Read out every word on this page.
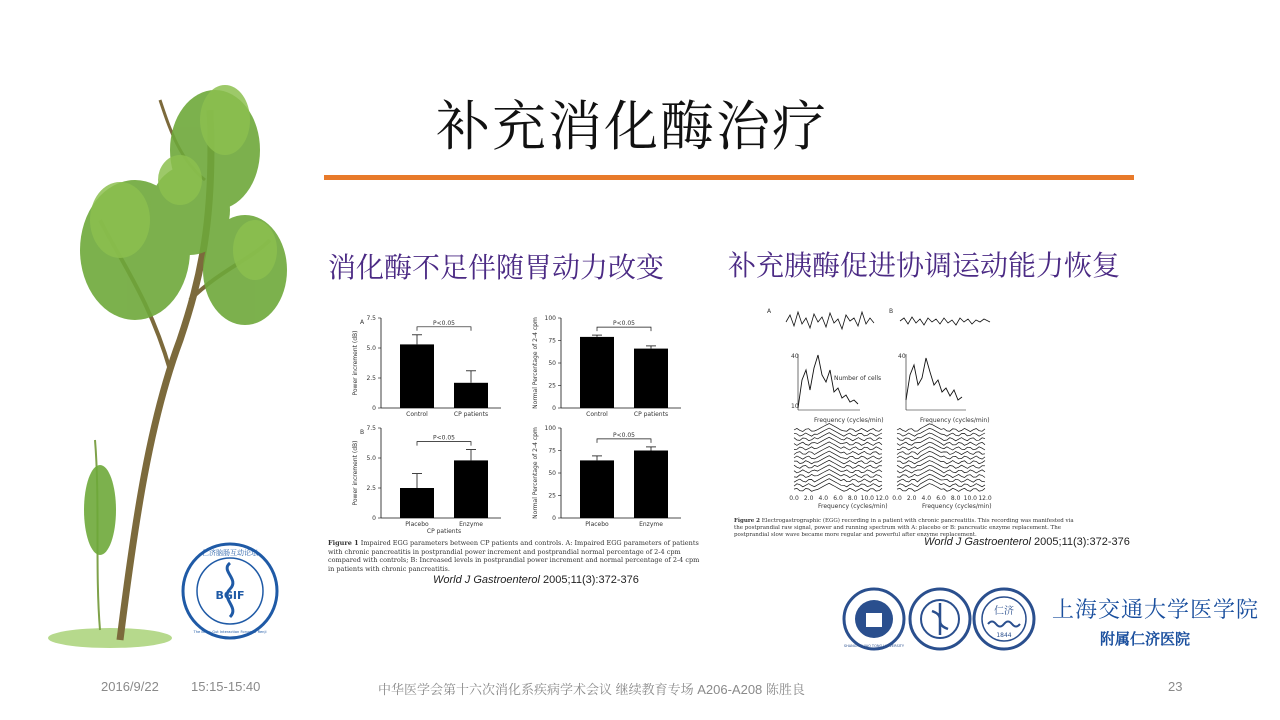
补充消化酶治疗
消化酶不足伴随胃动力改变 补充胰酶促进协调运动能力恢复
0
2.5
5.0
7.5
Power increment (dB)
Control	CP patients
P<0.05
0
25
50
75
100
Normal Percentage of 2-4 cpm
Control	CP patients
P<0.05
0
2.5
5.0
7.5
Power increment (dB)
Placebo	Enzyme
P<0.05
CP patients
0
25
50
75
100
Normal Percentage of 2-4 cpm
Placebo	Enzyme
P<0.05
A
B
Figure 1 Impaired EGG parameters between CP patients and controls. A: Impaired EGG parameters of patients with chronic pancreatitis in postprandial power increment and postprandial normal percentage of 2-4 cpm compared with controls; B: Increased levels in postprandial power increment and normal percentage of 2-4 cpm in patients with chronic pancreatitis.
World J Gastroenterol 2005;11(3):372-376
A	B
40
10
Number of cells
Frequency (cycles/min)
40
Frequency (cycles/min)
0.0 2.0 4.0 6.0 8.0 10.0 12.0 0.0 2.0 4.0 6.0 8.0 10.0 12.0
Frequency (cycles/min)	Frequency (cycles/min)
Figure 2 Electrogastrographic (EGG) recording in a patient with chronic pancreatitis. This recording was manifested via the postprandial raw signal, power and running spectrum with A: placebo or B: pancreatic enzyme replacement. The postprandial slow wave became more regular and powerful after enzyme replacement.
World J Gastroenterol 2005;11(3):372-376
BGIF
仁济脑肠互动论坛
The Brain-Gut Interaction Forum of Renji
SHANGHAI JIAO TONG UNIVERSITY
仁济
1844
上海交通大学医学院
附属仁济医院
2016/9/22 15:15-15:40	中华医学会第十六次消化系疾病学术会议 继续教育专场 A206-A208 陈胜良	23
